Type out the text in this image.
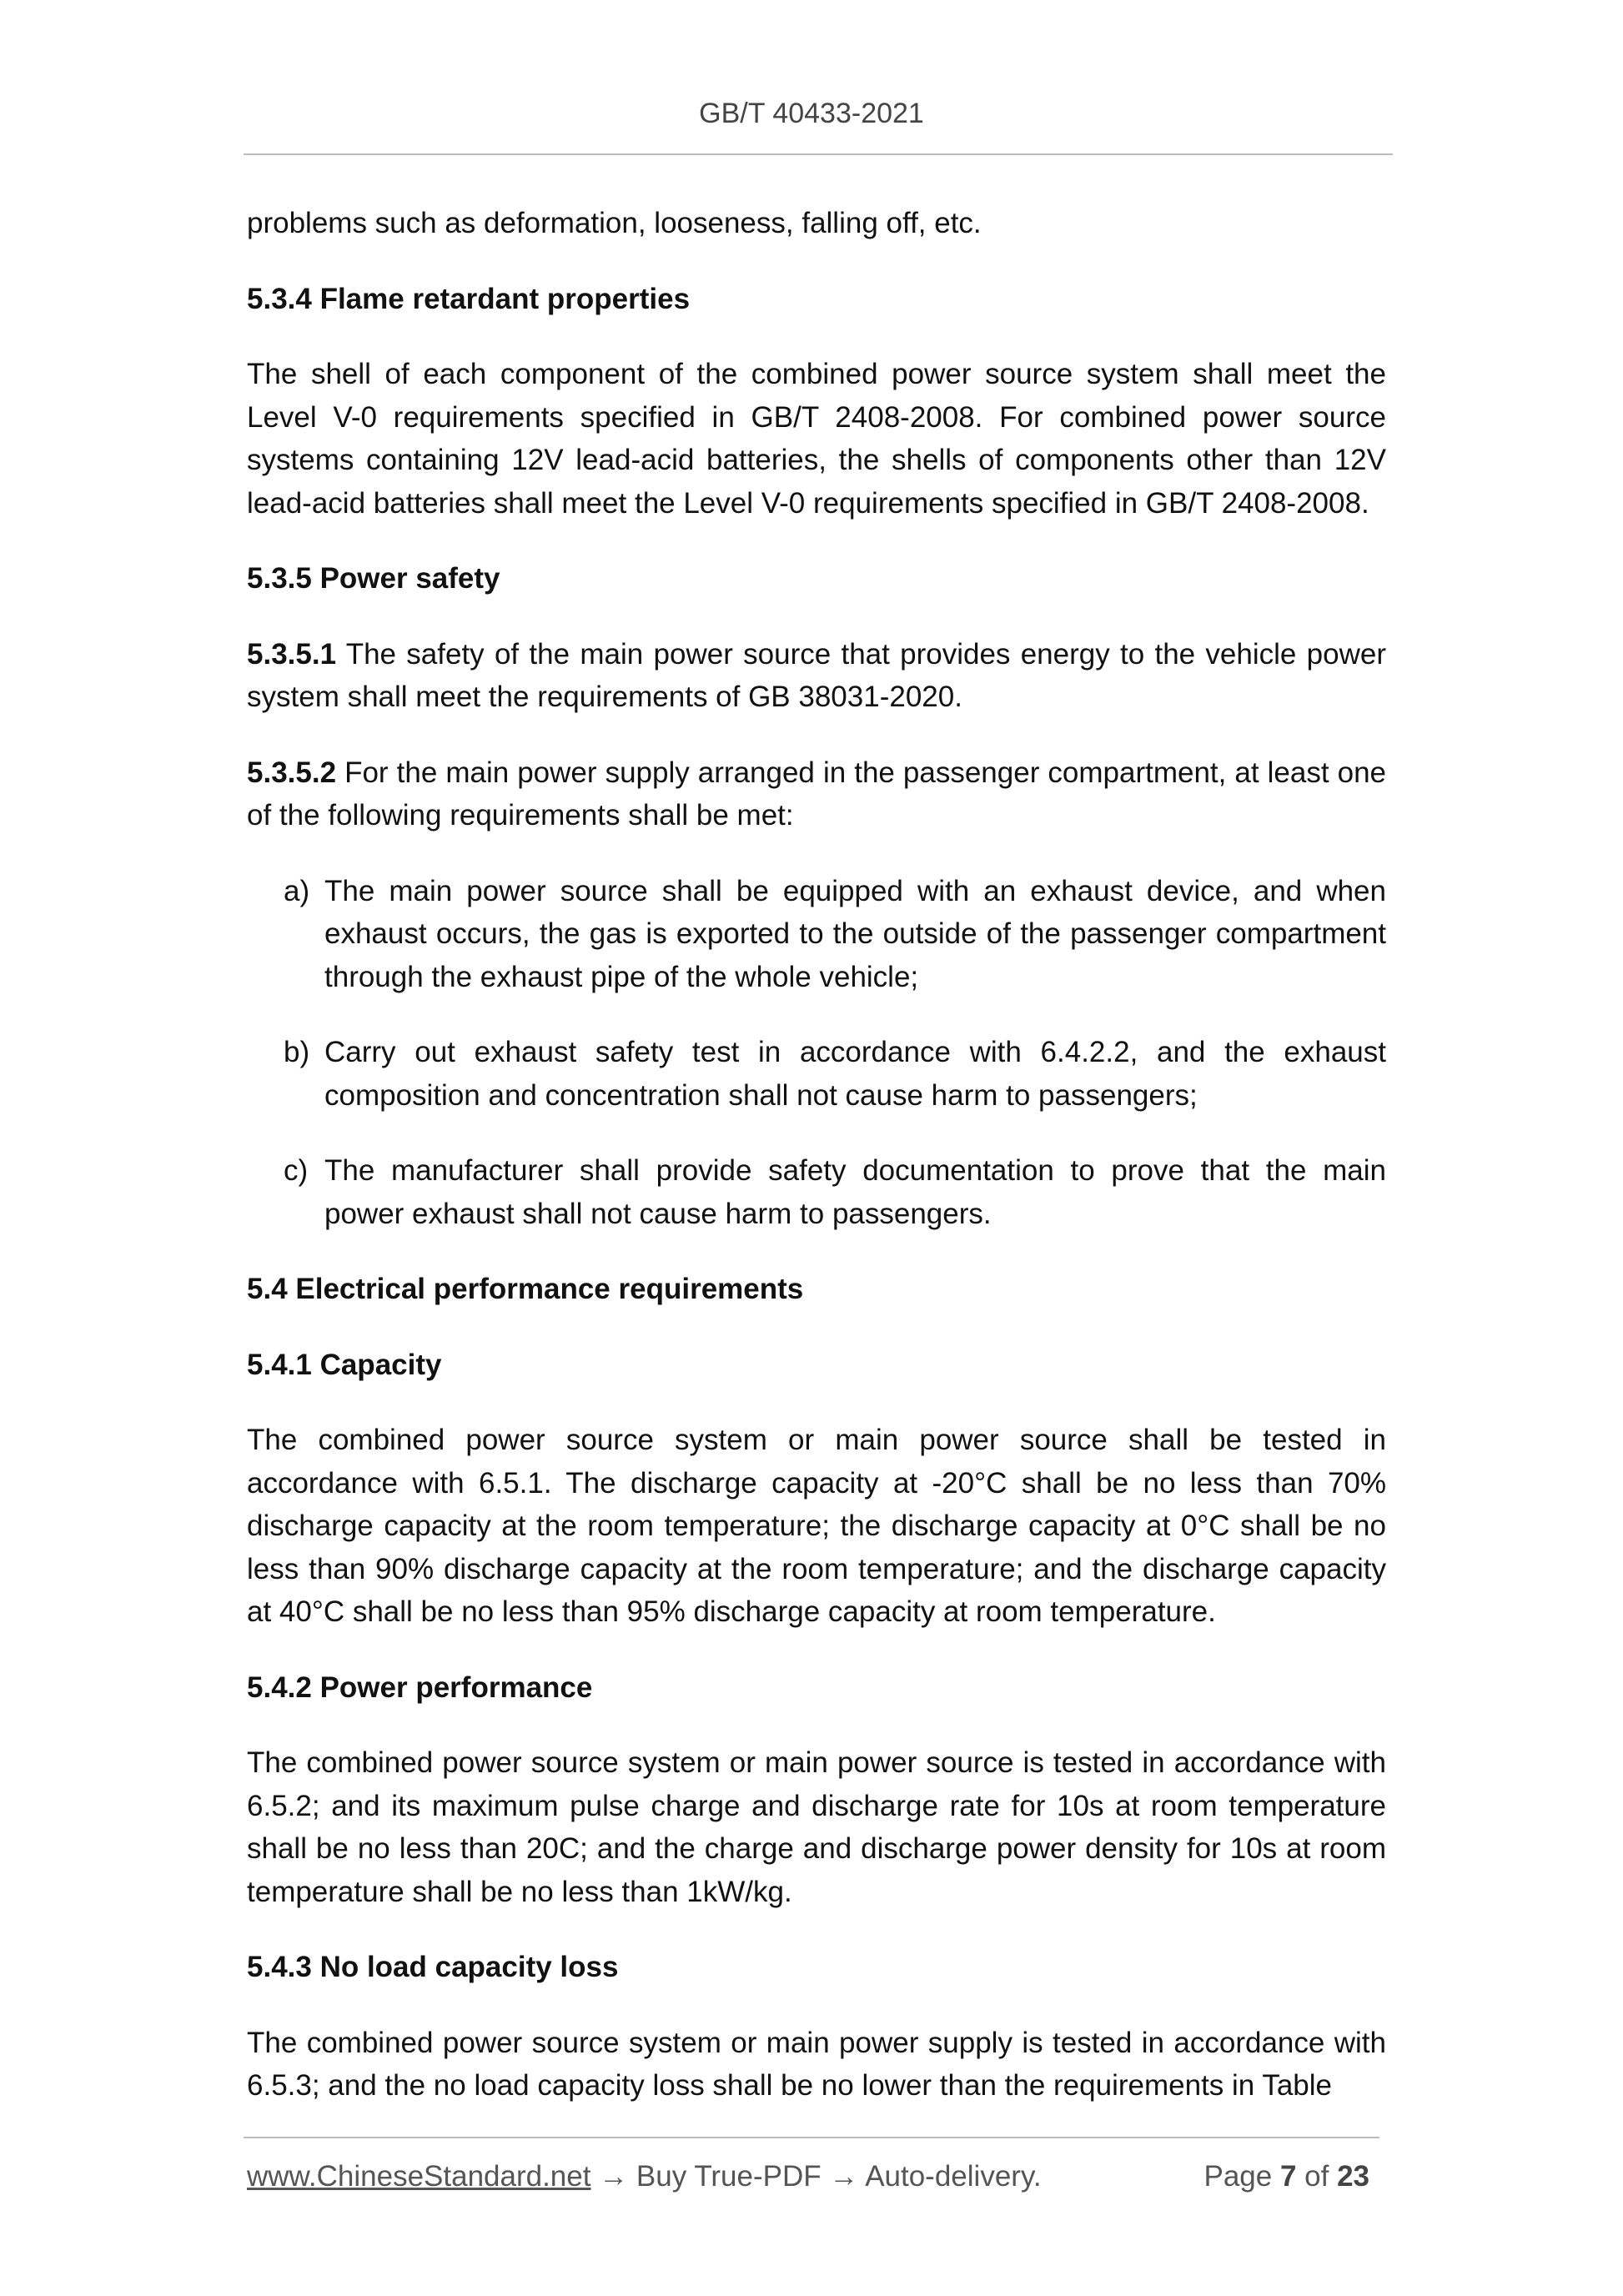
GB/T 40433-2021

problems such as deformation, looseness, falling off, etc.

5.3.4 Flame retardant properties

The shell of each component of the combined power source system shall meet the Level V-0 requirements specified in GB/T 2408-2008. For combined power source systems containing 12V lead-acid batteries, the shells of components other than 12V lead-acid batteries shall meet the Level V-0 requirements specified in GB/T 2408-2008.

5.3.5 Power safety

5.3.5.1 The safety of the main power source that provides energy to the vehicle power system shall meet the requirements of GB 38031-2020.

5.3.5.2 For the main power supply arranged in the passenger compartment, at least one of the following requirements shall be met:

a) The main power source shall be equipped with an exhaust device, and when exhaust occurs, the gas is exported to the outside of the passenger compartment through the exhaust pipe of the whole vehicle;
b) Carry out exhaust safety test in accordance with 6.4.2.2, and the exhaust composition and concentration shall not cause harm to passengers;
c) The manufacturer shall provide safety documentation to prove that the main power exhaust shall not cause harm to passengers.

5.4 Electrical performance requirements

5.4.1 Capacity

The combined power source system or main power source shall be tested in accordance with 6.5.1. The discharge capacity at -20°C shall be no less than 70% discharge capacity at the room temperature; the discharge capacity at 0°C shall be no less than 90% discharge capacity at the room temperature; and the discharge capacity at 40°C shall be no less than 95% discharge capacity at room temperature.

5.4.2 Power performance

The combined power source system or main power source is tested in accordance with 6.5.2; and its maximum pulse charge and discharge rate for 10s at room temperature shall be no less than 20C; and the charge and discharge power density for 10s at room temperature shall be no less than 1kW/kg.

5.4.3 No load capacity loss

The combined power source system or main power supply is tested in accordance with 6.5.3; and the no load capacity loss shall be no lower than the requirements in Table

www.ChineseStandard.net → Buy True-PDF → Auto-delivery.	Page 7 of 23
